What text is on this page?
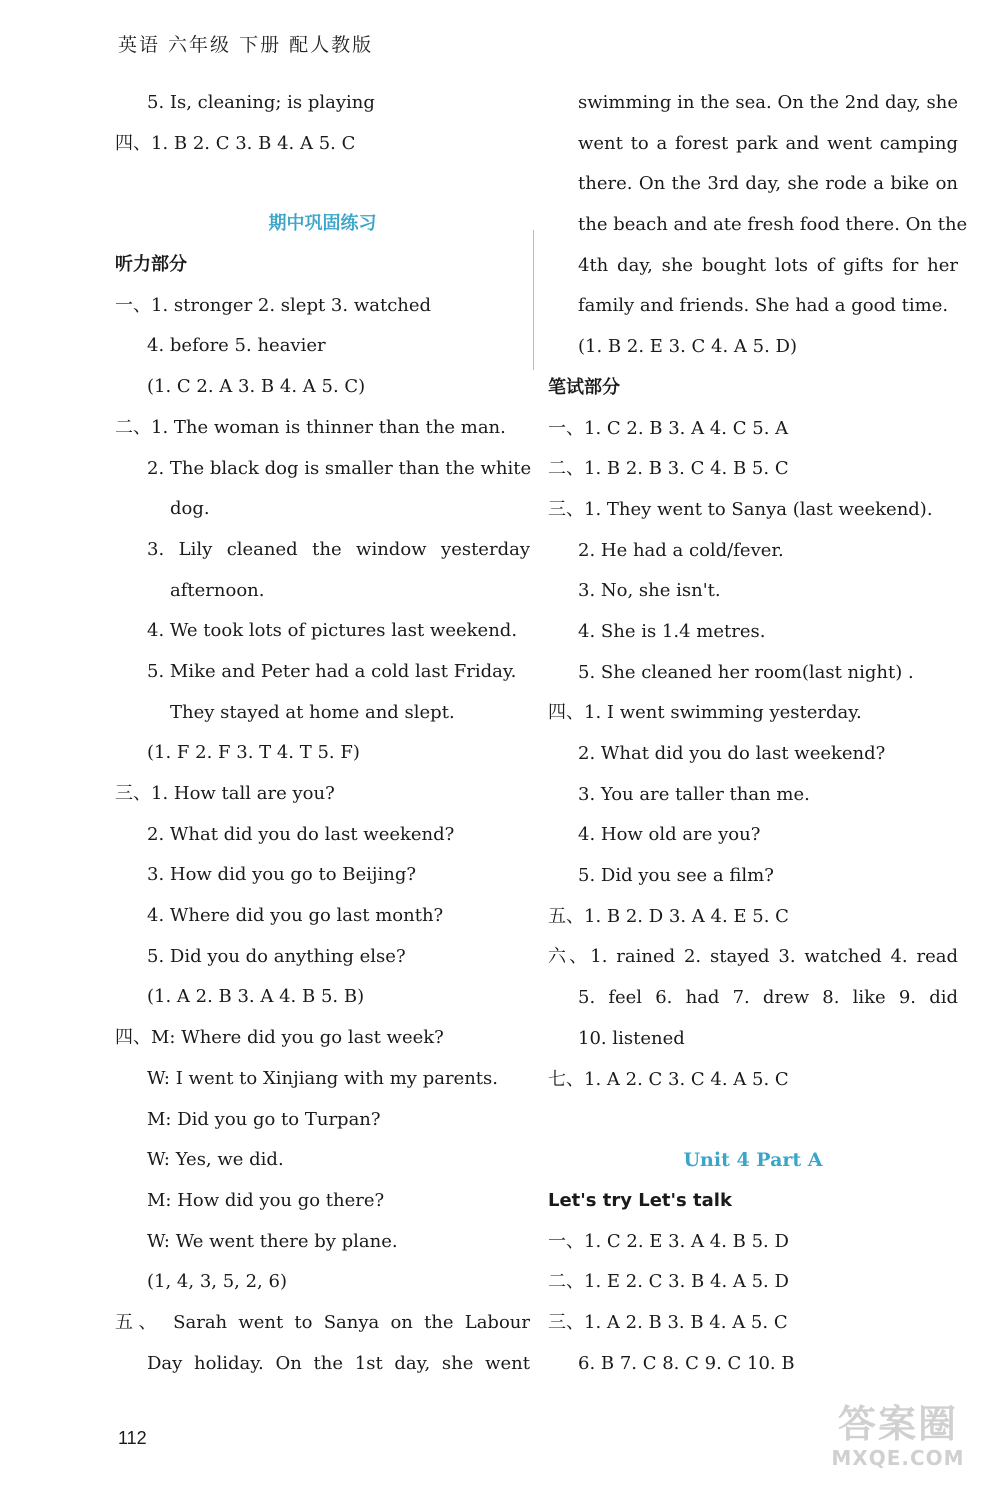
英语 六年级 下册 配人教版
5. Is, cleaning; is playing
四、1. B 2. C 3. B 4. A 5. C
期中巩固练习
听力部分
一、1. stronger 2. slept 3. watched
4. before 5. heavier
(1. C 2. A 3. B 4. A 5. C)
二、1. The woman is thinner than the man.
2. The black dog is smaller than the white
dog.
3. Lily cleaned the window yesterday
afternoon.
4. We took lots of pictures last weekend.
5. Mike and Peter had a cold last Friday.
They stayed at home and slept.
(1. F 2. F 3. T 4. T 5. F)
三、1. How tall are you?
2. What did you do last weekend?
3. How did you go to Beijing?
4. Where did you go last month?
5. Did you do anything else?
(1. A 2. B 3. A 4. B 5. B)
四、M: Where did you go last week?
W: I went to Xinjiang with my parents.
M: Did you go to Turpan?
W: Yes, we did.
M: How did you go there?
W: We went there by plane.
(1, 4, 3, 5, 2, 6)
五、 Sarah went to Sanya on the Labour
Day holiday. On the 1st day, she went
swimming in the sea. On the 2nd day, she
went to a forest park and went camping
there. On the 3rd day, she rode a bike on
the beach and ate fresh food there. On the
4th day, she bought lots of gifts for her
family and friends. She had a good time.
(1. B 2. E 3. C 4. A 5. D)
笔试部分
一、1. C 2. B 3. A 4. C 5. A
二、1. B 2. B 3. C 4. B 5. C
三、1. They went to Sanya (last weekend).
2. He had a cold/fever.
3. No, she isn't.
4. She is 1.4 metres.
5. She cleaned her room(last night) .
四、1. I went swimming yesterday.
2. What did you do last weekend?
3. You are taller than me.
4. How old are you?
5. Did you see a film?
五、1. B 2. D 3. A 4. E 5. C
六、1. rained 2. stayed 3. watched 4. read
5. feel 6. had 7. drew 8. like 9. did
10. listened
七、1. A 2. C 3. C 4. A 5. C
Unit 4 Part A
Let's try Let's talk
一、1. C 2. E 3. A 4. B 5. D
二、1. E 2. C 3. B 4. A 5. D
三、1. A 2. B 3. B 4. A 5. C
6. B 7. C 8. C 9. C 10. B
112	答案圈
MXQE.COM
